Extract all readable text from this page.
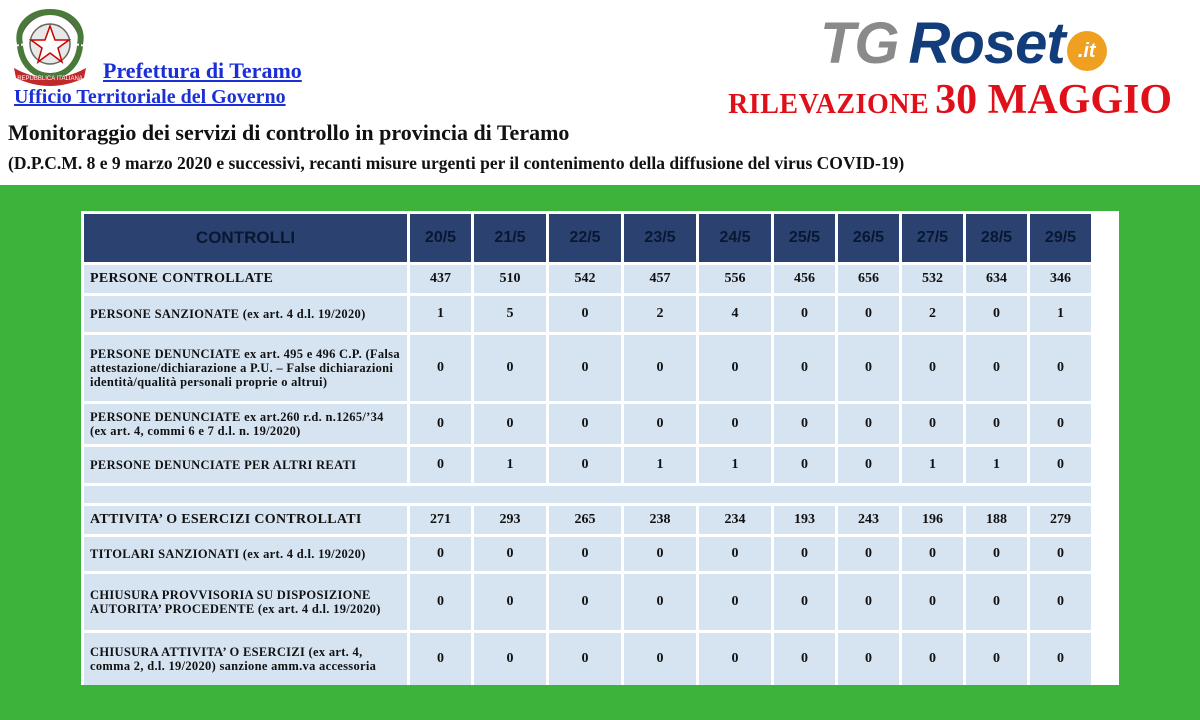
REPUBBLICA ITALIANA Prefettura di Teramo
Ufficio Territoriale del Governo
TG Roset .it
RILEVAZIONE 30 MAGGIO
Monitoraggio dei servizi di controllo in provincia di Teramo
(D.P.C.M. 8 e 9 marzo 2020 e successivi, recanti misure urgenti per il contenimento della diffusione del virus COVID-19)
CONTROLLI	20/5	21/5	22/5	23/5	24/5	25/5	26/5	27/5	28/5	29/5
PERSONE CONTROLLATE	437	510	542	457	556	456	656	532	634	346
PERSONE SANZIONATE (ex art. 4 d.l. 19/2020)	1	5	0	2	4	0	0	2	0	1
PERSONE DENUNCIATE ex art. 495 e 496 C.P. (Falsa attestazione/dichiarazione a P.U. – False dichiarazioni identità/qualità personali proprie o altrui)	0	0	0	0	0	0	0	0	0	0
PERSONE DENUNCIATE ex art.260 r.d. n.1265/’34 (ex art. 4, commi 6 e 7 d.l. n. 19/2020)	0	0	0	0	0	0	0	0	0	0
PERSONE DENUNCIATE PER ALTRI REATI	0	1	0	1	1	0	0	1	1	0

ATTIVITA’ O ESERCIZI CONTROLLATI	271	293	265	238	234	193	243	196	188	279
TITOLARI SANZIONATI (ex art. 4 d.l. 19/2020)	0	0	0	0	0	0	0	0	0	0
CHIUSURA PROVVISORIA SU DISPOSIZIONE AUTORITA’ PROCEDENTE (ex art. 4 d.l. 19/2020)	0	0	0	0	0	0	0	0	0	0
CHIUSURA ATTIVITA’ O ESERCIZI (ex art. 4, comma 2, d.l. 19/2020) sanzione amm.va accessoria	0	0	0	0	0	0	0	0	0	0
